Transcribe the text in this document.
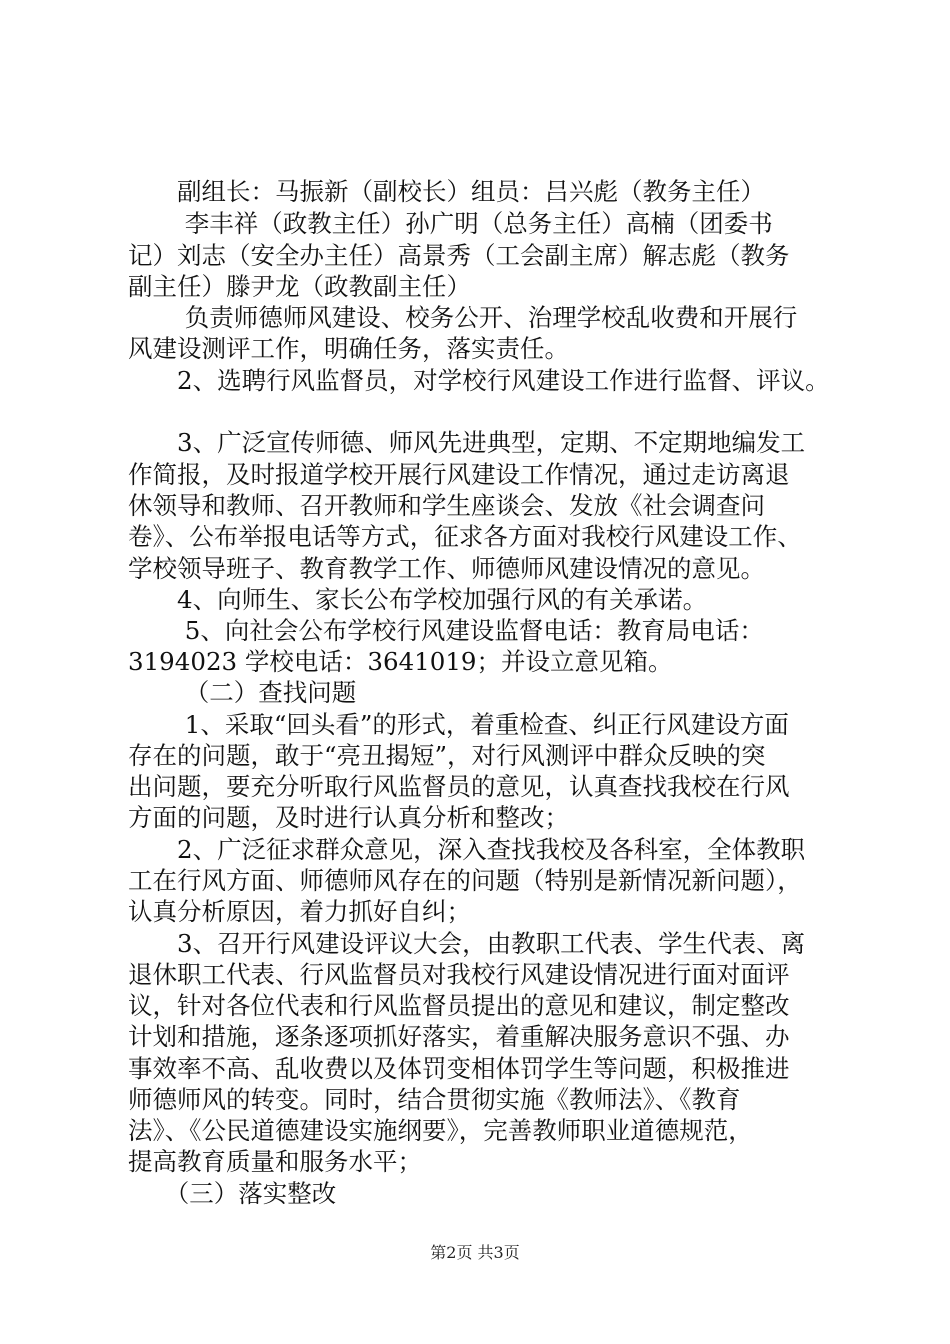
　　副组长：马振新（副校长）组员：吕兴彪（教务主任）
　　 李丰祥（政教主任）孙广明（总务主任）高楠（团委书
记）刘志（安全办主任）高景秀（工会副主席）解志彪（教务
副主任）滕尹龙（政教副主任）
　　 负责师德师风建设、校务公开、治理学校乱收费和开展行
风建设测评工作，明确任务，落实责任。
　　2、选聘行风监督员，对学校行风建设工作进行监督、评议。
　　3、广泛宣传师德、师风先进典型，定期、不定期地编发工
作简报，及时报道学校开展行风建设工作情况，通过走访离退
休领导和教师、召开教师和学生座谈会、发放《社会调查问
卷》、公布举报电话等方式，征求各方面对我校行风建设工作、
学校领导班子、教育教学工作、师德师风建设情况的意见。
　　4、向师生、家长公布学校加强行风的有关承诺。
　　 5、向社会公布学校行风建设监督电话：教育局电话：
3194023 学校电话：3641019；并设立意见箱。
　　 （二）查找问题
　　 1、采取“回头看”的形式，着重检查、纠正行风建设方面
存在的问题，敢于“亮丑揭短”，对行风测评中群众反映的突
出问题，要充分听取行风监督员的意见，认真查找我校在行风
方面的问题，及时进行认真分析和整改；
　　2、广泛征求群众意见，深入查找我校及各科室，全体教职
工在行风方面、师德师风存在的问题（特别是新情况新问题），
认真分析原因，着力抓好自纠；
　　3、召开行风建设评议大会，由教职工代表、学生代表、离
退休职工代表、行风监督员对我校行风建设情况进行面对面评
议，针对各位代表和行风监督员提出的意见和建议，制定整改
计划和措施，逐条逐项抓好落实，着重解决服务意识不强、办
事效率不高、乱收费以及体罚变相体罚学生等问题，积极推进
师德师风的转变。同时，结合贯彻实施《教师法》、《教育
法》、《公民道德建设实施纲要》，完善教师职业道德规范，
提高教育质量和服务水平；
　　（三）落实整改
第2页 共3页
